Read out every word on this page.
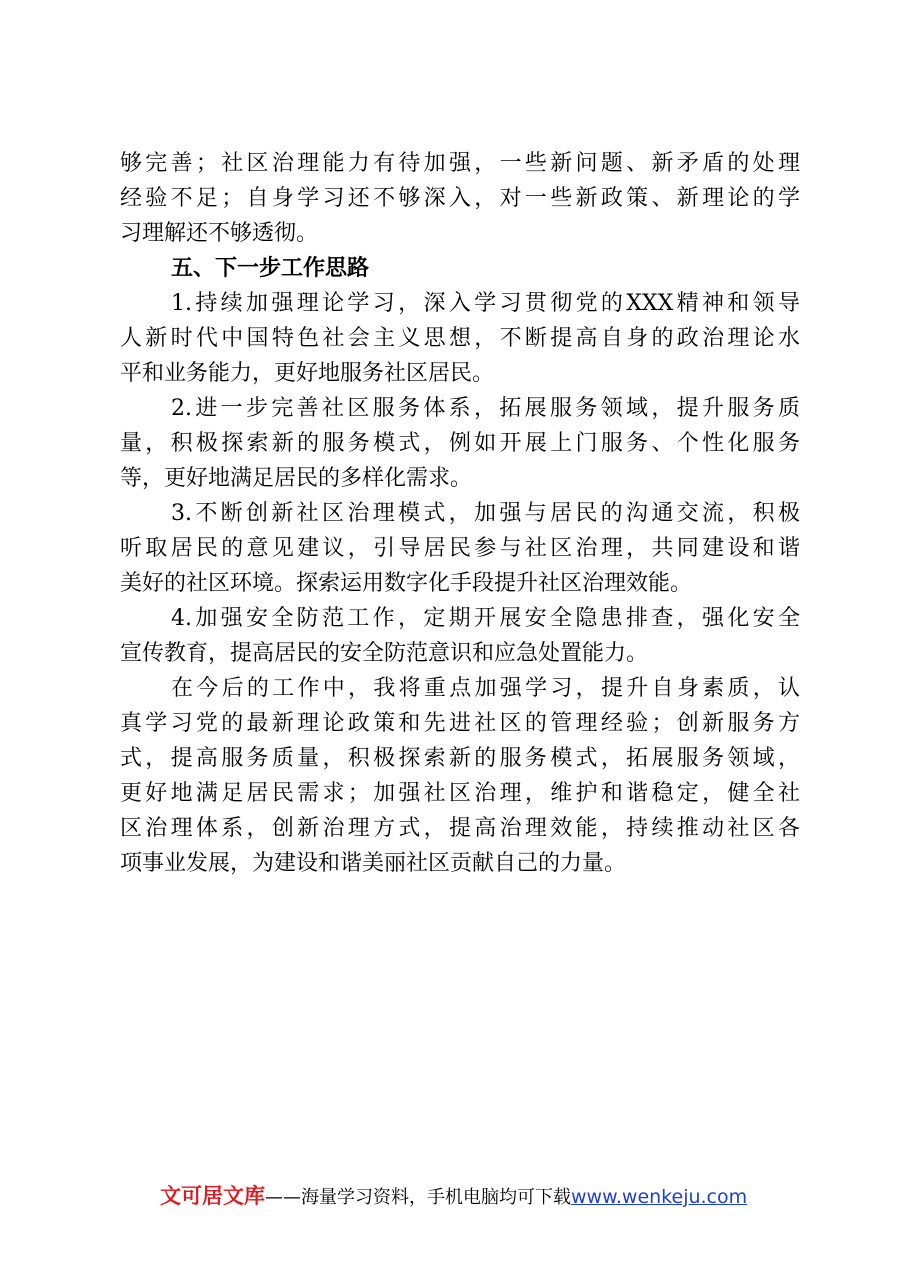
够完善；社区治理能力有待加强，一些新问题、新矛盾的处理
经验不足；自身学习还不够深入，对一些新政策、新理论的学
习理解还不够透彻。
五、下一步工作思路
1.持续加强理论学习，深入学习贯彻党的XXX精神和领导
人新时代中国特色社会主义思想，不断提高自身的政治理论水
平和业务能力，更好地服务社区居民。
2.进一步完善社区服务体系，拓展服务领域，提升服务质
量，积极探索新的服务模式，例如开展上门服务、个性化服务
等，更好地满足居民的多样化需求。
3.不断创新社区治理模式，加强与居民的沟通交流，积极
听取居民的意见建议，引导居民参与社区治理，共同建设和谐
美好的社区环境。探索运用数字化手段提升社区治理效能。
4.加强安全防范工作，定期开展安全隐患排查，强化安全
宣传教育，提高居民的安全防范意识和应急处置能力。
在今后的工作中，我将重点加强学习，提升自身素质，认
真学习党的最新理论政策和先进社区的管理经验；创新服务方
式，提高服务质量，积极探索新的服务模式，拓展服务领域，
更好地满足居民需求；加强社区治理，维护和谐稳定，健全社
区治理体系，创新治理方式，提高治理效能，持续推动社区各
项事业发展，为建设和谐美丽社区贡献自己的力量。
文可居文库——海量学习资料，手机电脑均可下载www.wenkeju.com
